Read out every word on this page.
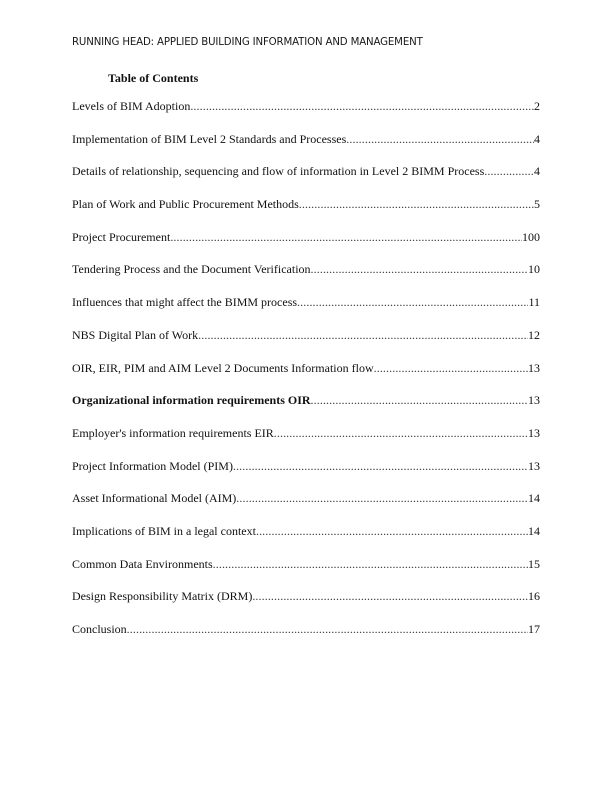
RUNNING HEAD: APPLIED BUILDING INFORMATION AND MANAGEMENT
Table of Contents
Levels of BIM Adoption .....	2
Implementation of BIM Level 2 Standards and Processes .....	4
Details of relationship, sequencing and flow of information in Level 2 BIMM Process .....	4
Plan of Work and Public Procurement Methods .....	5
Project Procurement .....	100
Tendering Process and the Document Verification .....	10
Influences that might affect the BIMM process .....	11
NBS Digital Plan of Work .....	12
OIR, EIR, PIM and AIM Level 2 Documents Information flow .....	13
Organizational information requirements OIR .....	13
Employer's information requirements EIR .....	13
Project Information Model (PIM) .....	13
Asset Informational Model (AIM) .....	14
Implications of BIM in a legal context .....	14
Common Data Environments .....	15
Design Responsibility Matrix (DRM) .....	16
Conclusion .....	17
